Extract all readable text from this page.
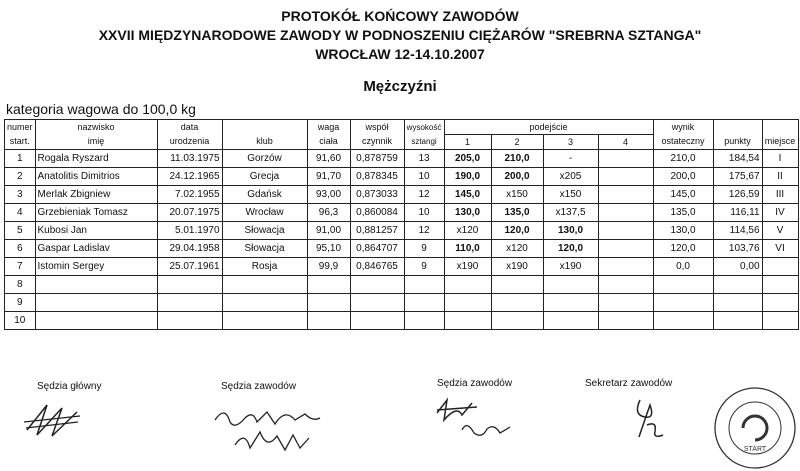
PROTOKÓŁ KOŃCOWY ZAWODÓW
XXVII MIĘDZYNARODOWE ZAWODY W PODNOSZENIU CIĘŻARÓW "SREBRNA SZTANGA"
WROCŁAW 12-14.10.2007
Mężczyźni
kategoria wagowa do 100,0 kg
numer	nazwisko	data		waga	współ	wysokość	podejście				wynik		
start.	imię	urodzenia	klub	ciała	czynnik	sztangi	1	2	3	4	ostateczny	punkty	miejsce
1	Rogala Ryszard	11.03.1975	Gorzów	91,60	0,878759	13	205,0	210,0	-		210,0	184,54	I
2	Anatolitis Dimitrios	24.12.1965	Grecja	91,70	0,878345	10	190,0	200,0	x205		200,0	175,67	II
3	Merlak Zbigniew	7.02.1955	Gdańsk	93,00	0,873033	12	145,0	x150	x150		145,0	126,59	III
4	Grzebieniak Tomasz	20.07.1975	Wrocław	96,3	0,860084	10	130,0	135,0	x137,5		135,0	116,11	IV
5	Kubosi Jan	5.01.1970	Słowacja	91,00	0,881257	12	x120	120,0	130,0		130,0	114,56	V
6	Gaspar Ladislav	29.04.1958	Słowacja	95,10	0,864707	9	110,0	x120	120,0		120,0	103,76	VI
7	Istomin Sergey	25.07.1961	Rosja	99,9	0,846765	9	x190	x190	x190		0,0	0,00	
8													
9													
10													
Sędzia główny	Sędzia zawodów	Sędzia zawodów	Sekretarz zawodów
START
